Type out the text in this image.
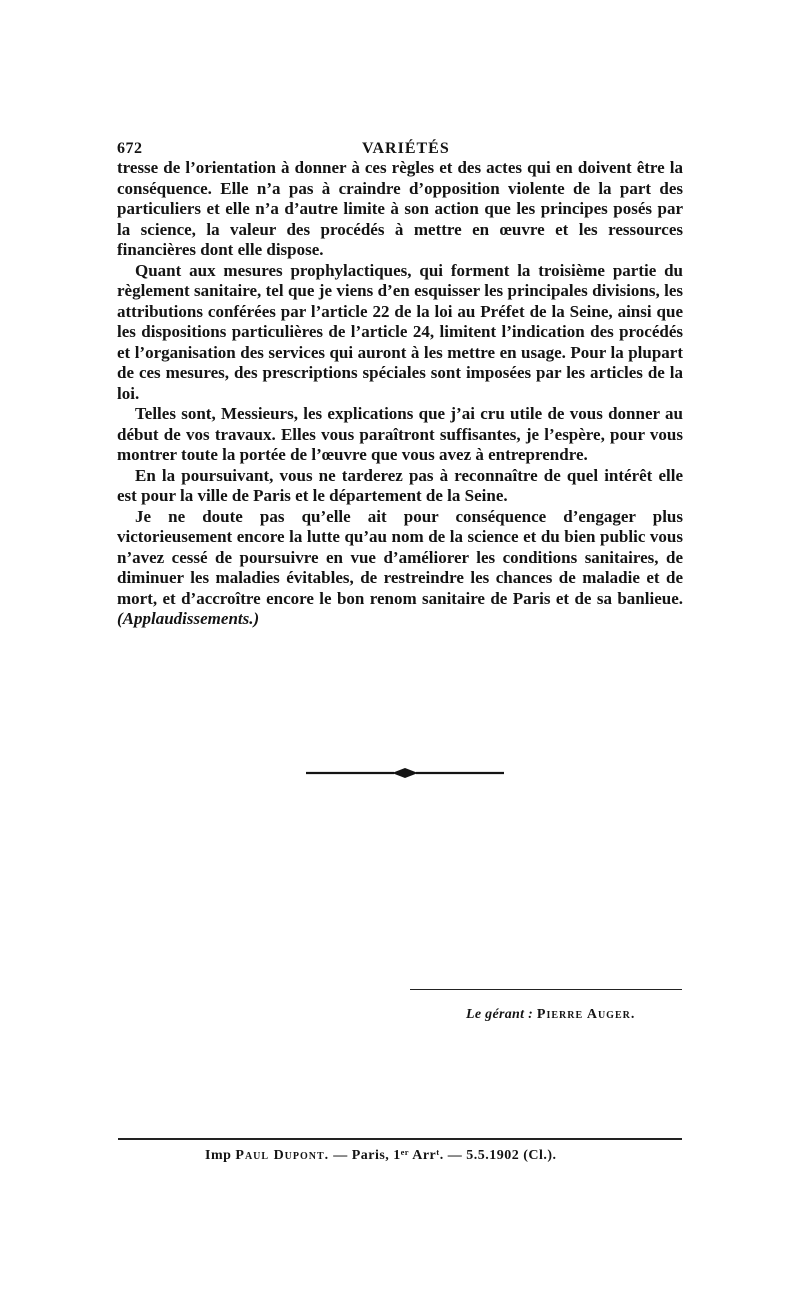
672	VARIÉTÉS

tresse de l’orientation à donner à ces règles et des actes qui en doivent être la conséquence. Elle n’a pas à craindre d’opposition violente de la part des particuliers et elle n’a d’autre limite à son action que les principes posés par la science, la valeur des procédés à mettre en œuvre et les ressources financières dont elle dispose.

Quant aux mesures prophylactiques, qui forment la troisième partie du règlement sanitaire, tel que je viens d’en esquisser les principales divisions, les attributions conférées par l’article 22 de la loi au Préfet de la Seine, ainsi que les dispositions particulières de l’article 24, limitent l’indication des procédés et l’organisation des services qui auront à les mettre en usage. Pour la plupart de ces mesures, des prescriptions spéciales sont imposées par les articles de la loi.

Telles sont, Messieurs, les explications que j’ai cru utile de vous donner au début de vos travaux. Elles vous paraîtront suffisantes, je l’espère, pour vous montrer toute la portée de l’œuvre que vous avez à entreprendre.

En la poursuivant, vous ne tarderez pas à reconnaître de quel intérêt elle est pour la ville de Paris et le département de la Seine.

Je ne doute pas qu’elle ait pour conséquence d’engager plus victorieusement encore la lutte qu’au nom de la science et du bien public vous n’avez cessé de poursuivre en vue d’améliorer les conditions sanitaires, de diminuer les maladies évitables, de restreindre les chances de maladie et de mort, et d’accroître encore le bon renom sanitaire de Paris et de sa banlieue. (Applaudissements.)

Le gérant : Pierre Auger.
Imp Paul Dupont. — Paris, 1ᵉʳ Arrᵗ. — 5.5.1902 (Cl.).
